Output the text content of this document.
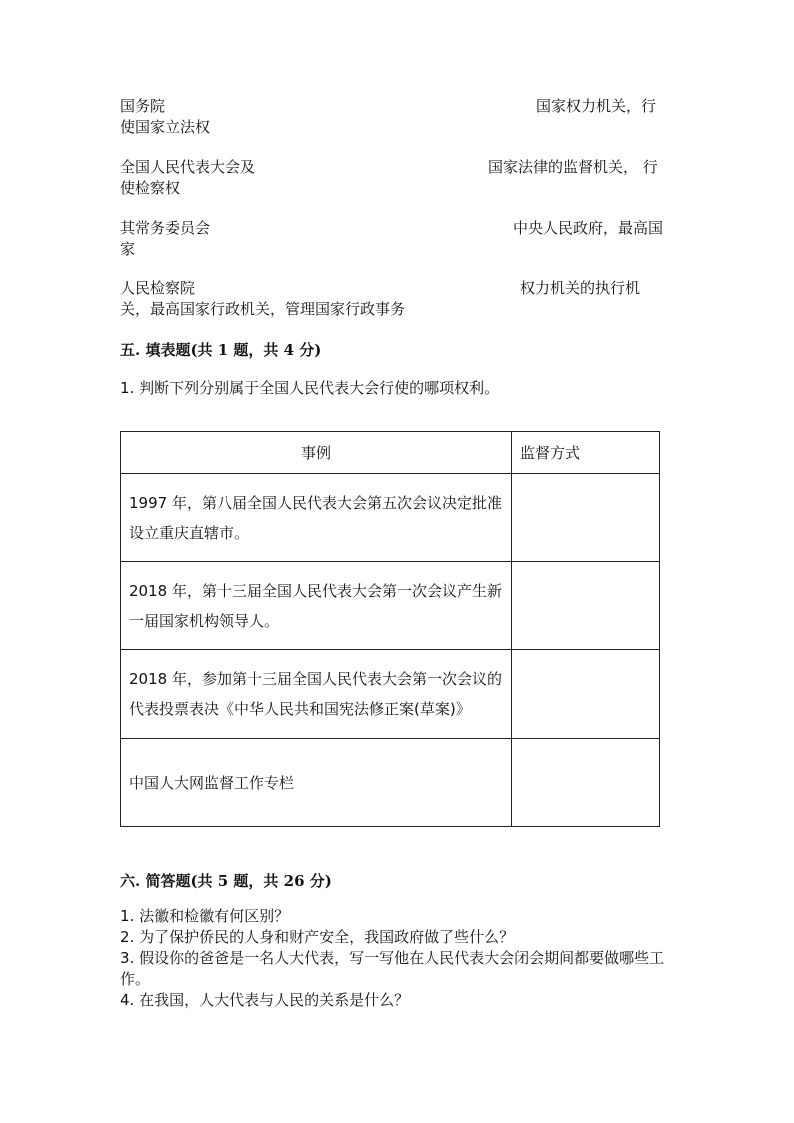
国务院	国家权力机关，行
使国家立法权
全国人民代表大会及	国家法律的监督机关， 行
使检察权
其常务委员会	中央人民政府，最高国
家
人民检察院	权力机关的执行机
关，最高国家行政机关，管理国家行政事务
五. 填表题(共 1 题，共 4 分)
1. 判断下列分别属于全国人民代表大会行使的哪项权利。
事例	监督方式
1997 年，第八届全国人民代表大会第五次会议决定批准设立重庆直辖市。	
2018 年，第十三届全国人民代表大会第一次会议产生新一届国家机构领导人。	
2018 年，参加第十三届全国人民代表大会第一次会议的代表投票表决《中华人民共和国宪法修正案(草案)》	
中国人大网监督工作专栏	
六. 简答题(共 5 题，共 26 分)
1. 法徽和检徽有何区别？
2. 为了保护侨民的人身和财产安全，我国政府做了些什么？
3. 假设你的爸爸是一名人大代表，写一写他在人民代表大会闭会期间都要做哪些工作。
4. 在我国，人大代表与人民的关系是什么？
